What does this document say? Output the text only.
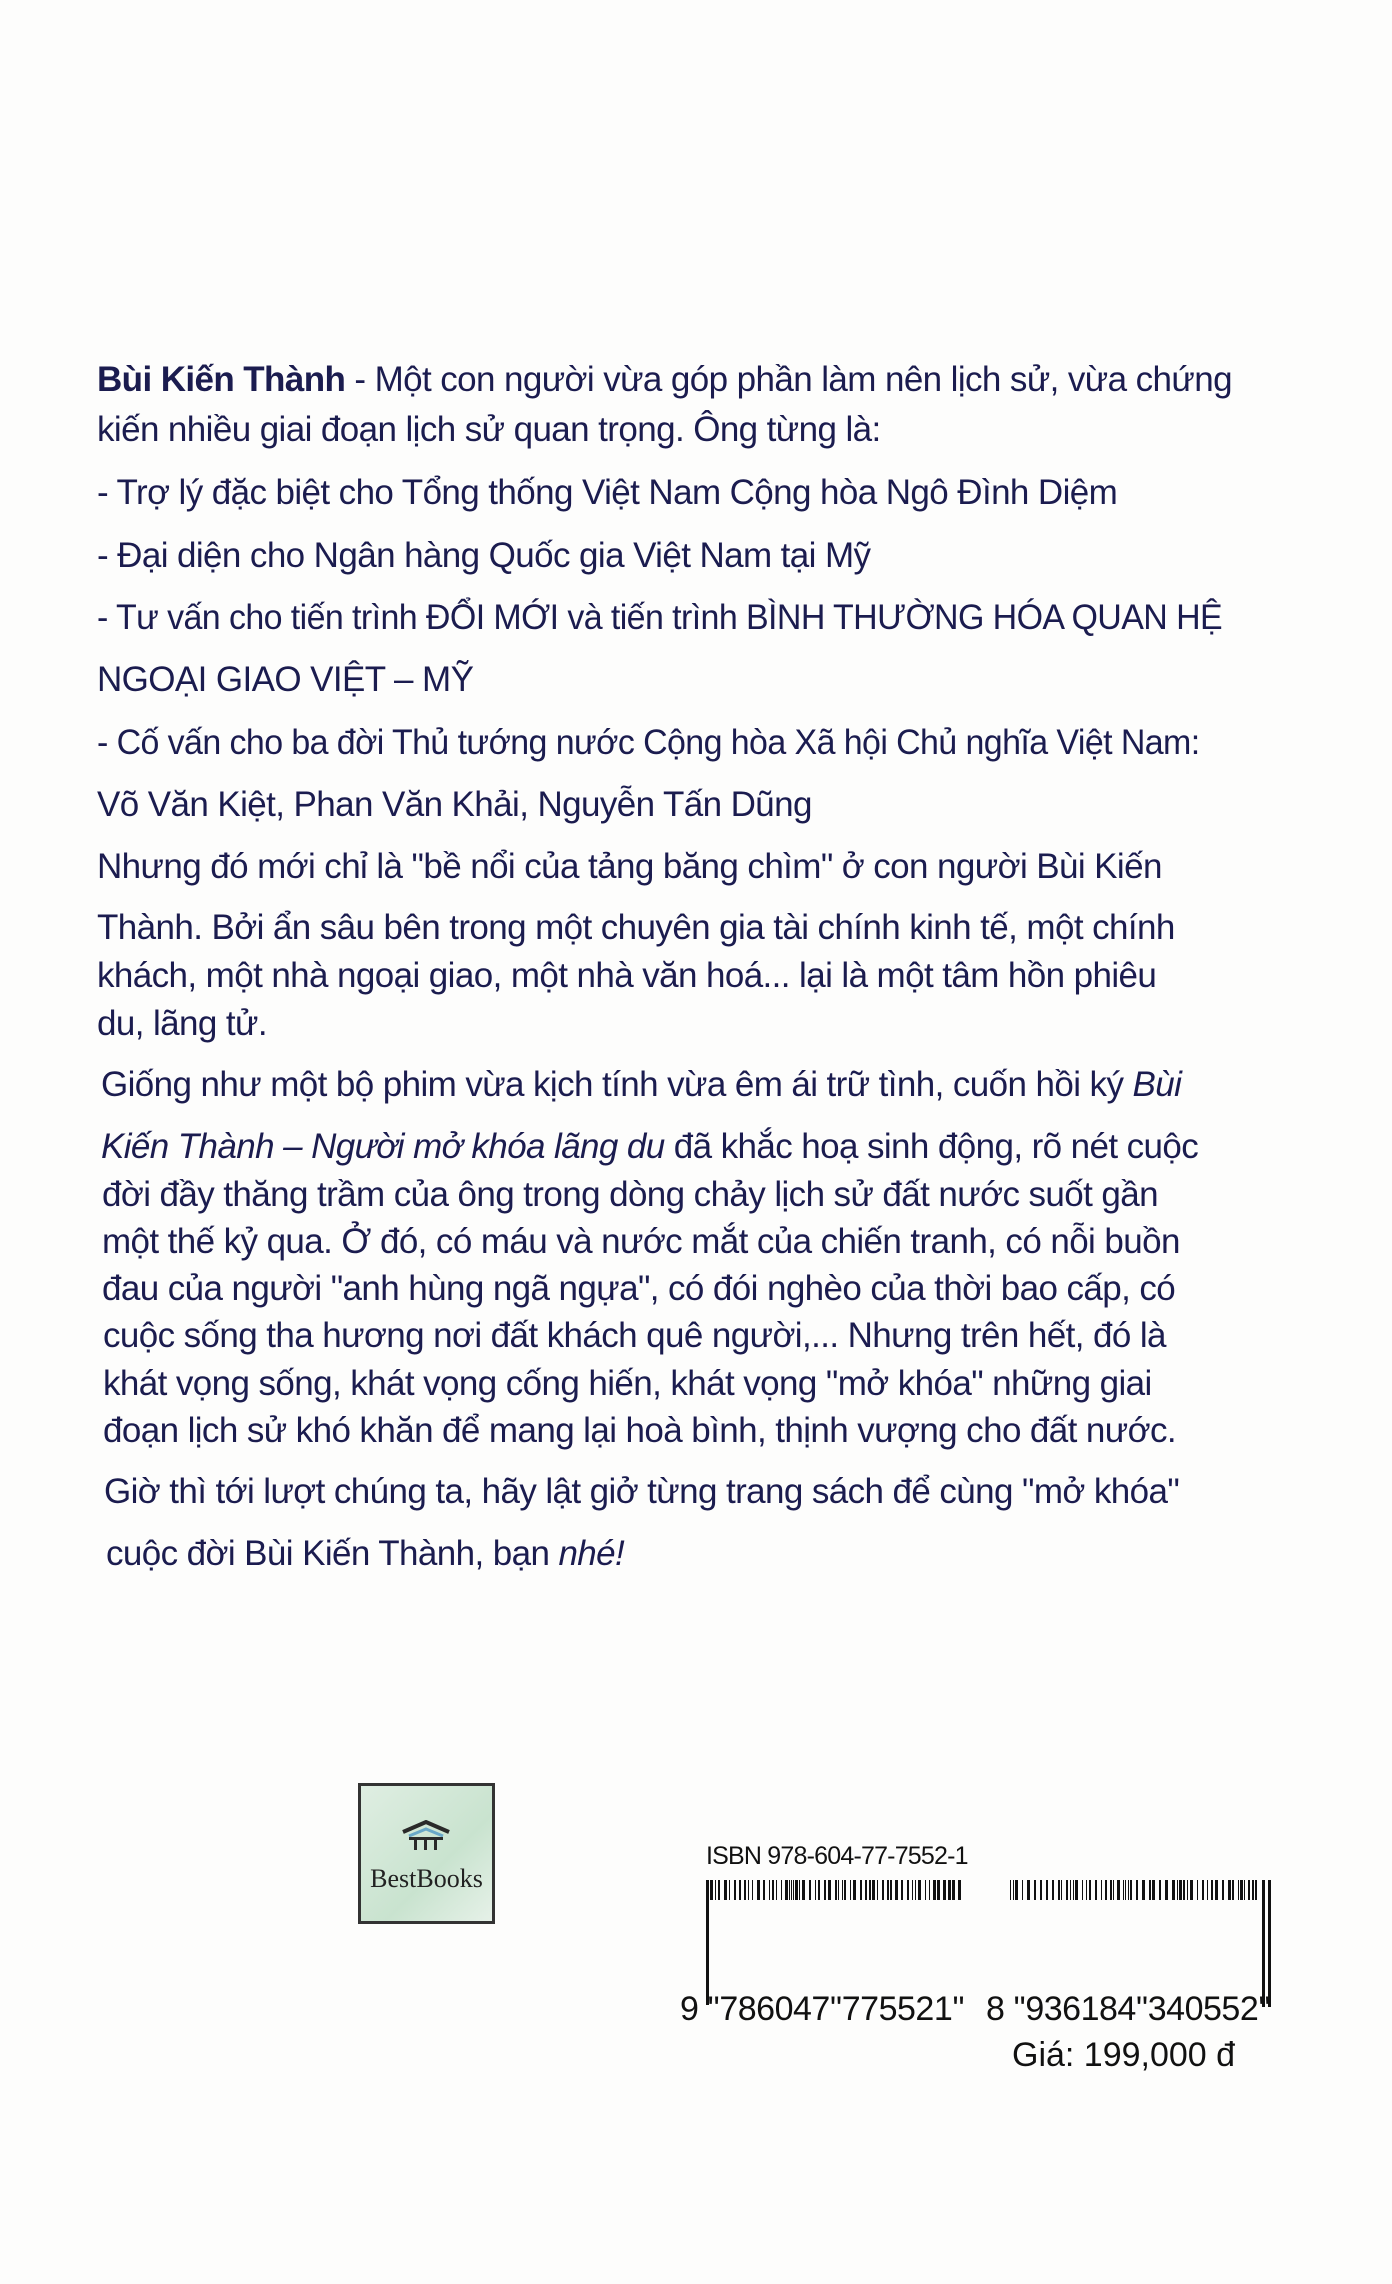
Bùi Kiến Thành - Một con người vừa góp phần làm nên lịch sử, vừa chứng
kiến nhiều giai đoạn lịch sử quan trọng. Ông từng là:
- Trợ lý đặc biệt cho Tổng thống Việt Nam Cộng hòa Ngô Đình Diệm
- Đại diện cho Ngân hàng Quốc gia Việt Nam tại Mỹ
- Tư vấn cho tiến trình ĐỔI MỚI và tiến trình BÌNH THƯỜNG HÓA QUAN HỆ
NGOẠI GIAO VIỆT – MỸ
- Cố vấn cho ba đời Thủ tướng nước Cộng hòa Xã hội Chủ nghĩa Việt Nam:
Võ Văn Kiệt, Phan Văn Khải, Nguyễn Tấn Dũng
Nhưng đó mới chỉ là "bề nổi của tảng băng chìm" ở con người Bùi Kiến
Thành. Bởi ẩn sâu bên trong một chuyên gia tài chính kinh tế, một chính
khách, một nhà ngoại giao, một nhà văn hoá... lại là một tâm hồn phiêu
du, lãng tử.
Giống như một bộ phim vừa kịch tính vừa êm ái trữ tình, cuốn hồi ký Bùi
Kiến Thành – Người mở khóa lãng du đã khắc hoạ sinh động, rõ nét cuộc
đời đầy thăng trầm của ông trong dòng chảy lịch sử đất nước suốt gần
một thế kỷ qua. Ở đó, có máu và nước mắt của chiến tranh, có nỗi buồn
đau của người "anh hùng ngã ngựa", có đói nghèo của thời bao cấp, có
cuộc sống tha hương nơi đất khách quê người,... Nhưng trên hết, đó là
khát vọng sống, khát vọng cống hiến, khát vọng "mở khóa" những giai
đoạn lịch sử khó khăn để mang lại hoà bình, thịnh vượng cho đất nước.
Giờ thì tới lượt chúng ta, hãy lật giở từng trang sách để cùng "mở khóa"
cuộc đời Bùi Kiến Thành, bạn nhé!
BestBooks
ISBN 978-604-77-7552-1
9 ''786047''775521'' 8 ''936184''340552''
Giá: 199,000 đ
